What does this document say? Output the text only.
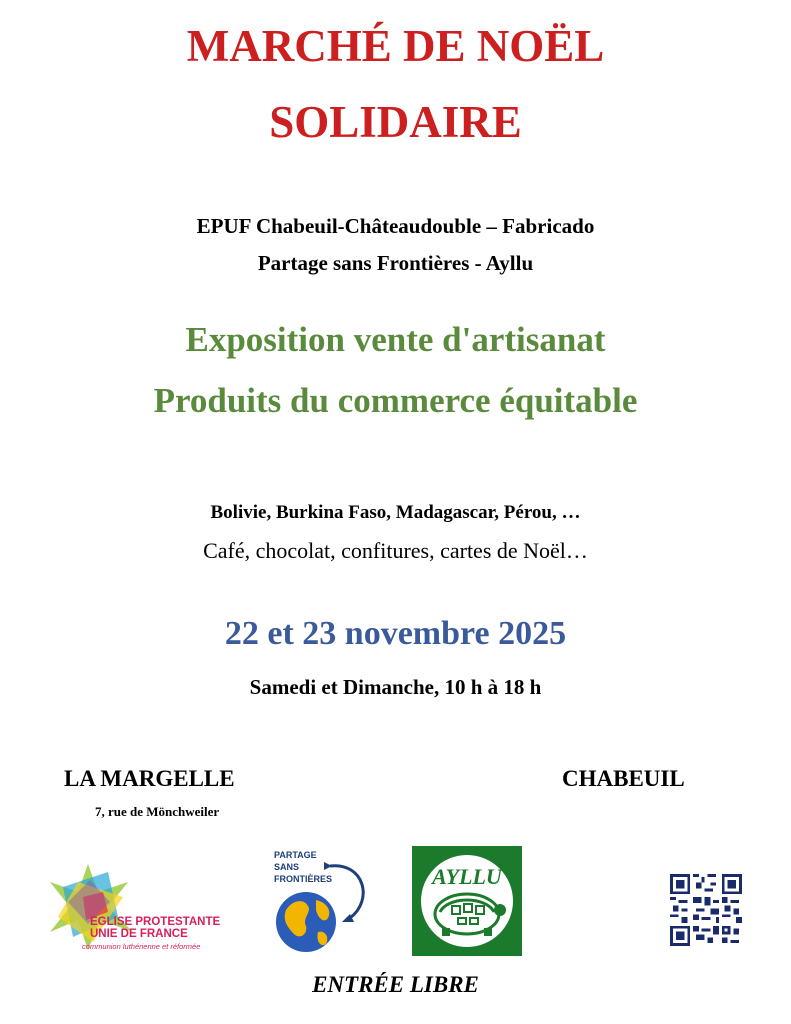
MARCHÉ DE NOËL
SOLIDAIRE
EPUF Chabeuil-Châteaudouble – Fabricado
Partage sans Frontières - Ayllu
Exposition vente d'artisanat
Produits du commerce équitable
Bolivie, Burkina Faso, Madagascar, Pérou, …
Café, chocolat, confitures, cartes de Noël…
22 et 23 novembre 2025
Samedi et Dimanche, 10 h à 18 h
LA MARGELLE
7, rue de Mönchweiler
CHABEUIL
EGLISE PROTESTANTE
UNIE DE FRANCE
communion luthérienne et réformée
PARTAGE
SANS
FRONTIÈRES	AYLLU
ENTRÉE LIBRE
